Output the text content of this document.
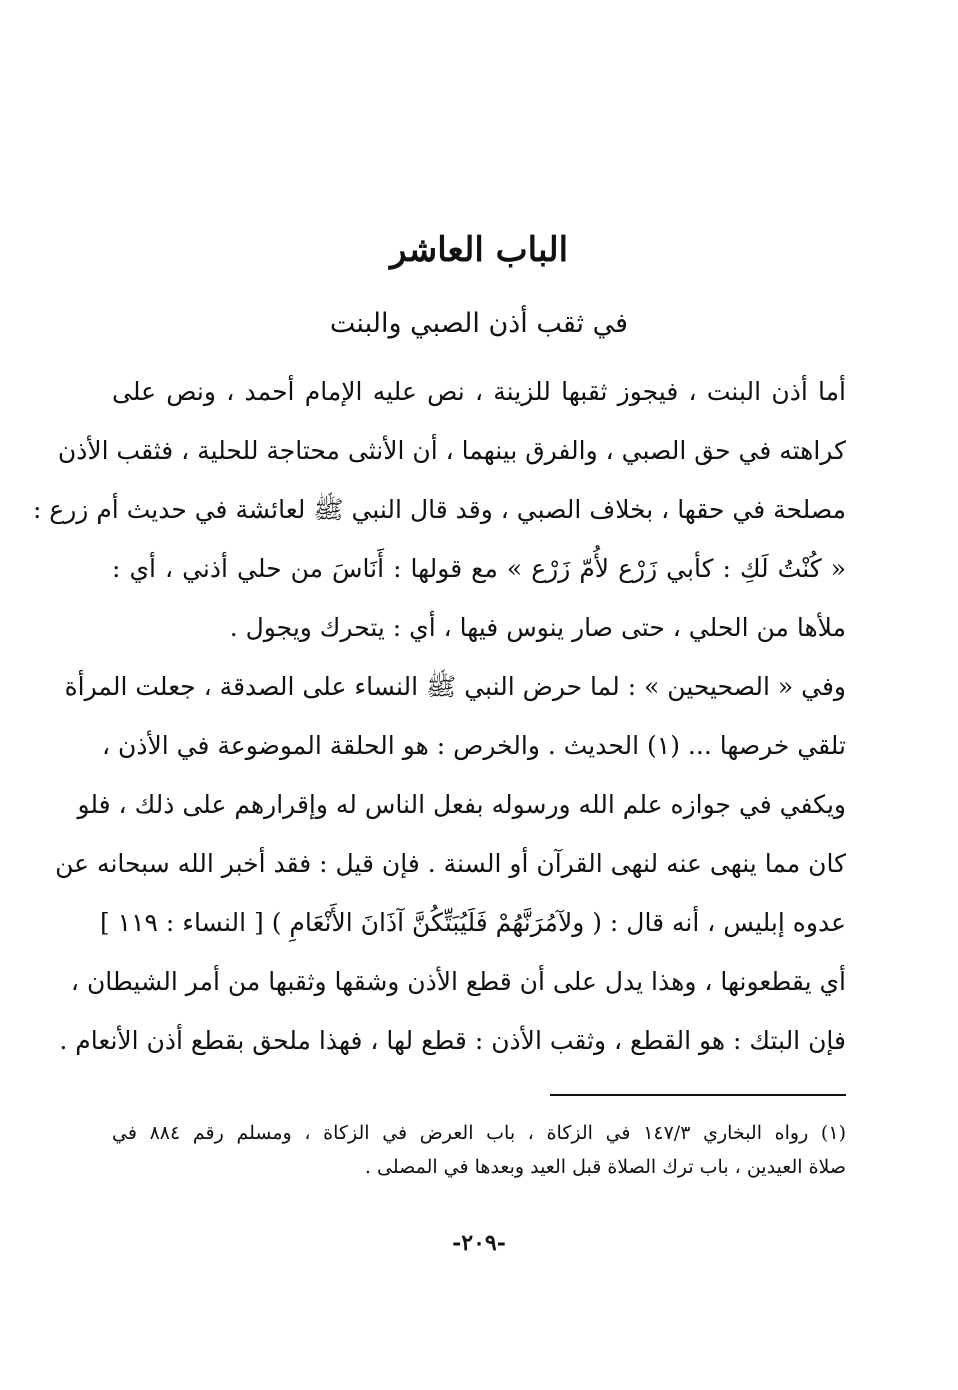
الباب العاشر
في ثقب أذن الصبي والبنت
أما أذن البنت ، فيجوز ثقبها للزينة ، نص عليه الإمام أحمد ، ونص على
كراهته في حق الصبي ، والفرق بينهما ، أن الأنثى محتاجة للحلية ، فثقب الأذن
مصلحة في حقها ، بخلاف الصبي ، وقد قال النبي ﷺ لعائشة في حديث أم زرع :
« كُنْتُ لَكِ : كأبي زَرْع لأُمّ زَرْع » مع قولها : أَنَاسَ من حلي أذني ، أي :
ملأها من الحلي ، حتى صار ينوس فيها ، أي : يتحرك ويجول .
وفي « الصحيحين » : لما حرض النبي ﷺ النساء على الصدقة ، جعلت المرأة
تلقي خرصها ... (١) الحديث . والخرص : هو الحلقة الموضوعة في الأذن ،
ويكفي في جوازه علم الله ورسوله بفعل الناس له وإقرارهم على ذلك ، فلو
كان مما ينهى عنه لنهى القرآن أو السنة . فإن قيل : فقد أخبر الله سبحانه عن
عدوه إبليس ، أنه قال : ( ولآمُرَنَّهُمْ فَلَيُبَتِّكُنَّ آذَانَ الأَنْعَامِ ) [ النساء : ١١٩ ]
أي يقطعونها ، وهذا يدل على أن قطع الأذن وشقها وثقبها من أمر الشيطان ،
فإن البتك : هو القطع ، وثقب الأذن : قطع لها ، فهذا ملحق بقطع أذن الأنعام .
(١) رواه البخاري ١٤٧/٣ في الزكاة ، باب العرض في الزكاة ، ومسلم رقم ٨٨٤ في
صلاة العيدين ، باب ترك الصلاة قبل العيد وبعدها في المصلى .
-٢٠٩-
